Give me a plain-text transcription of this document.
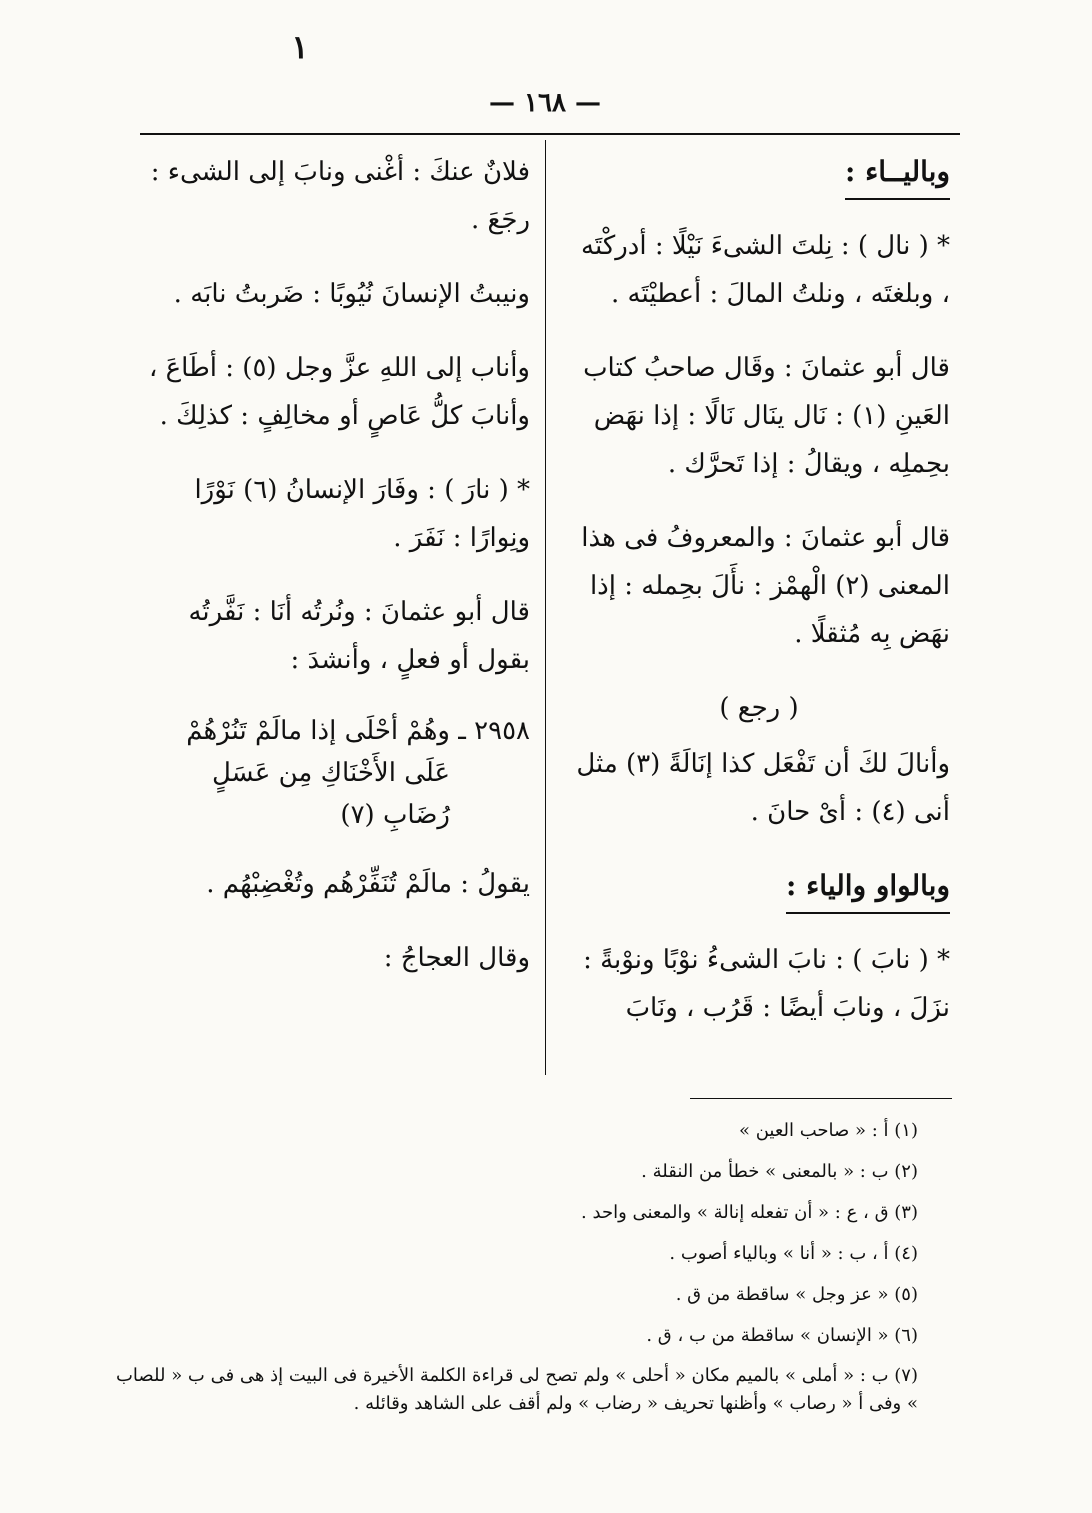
١
— ١٦٨ —
وباليــاء :

* ( نال ) : نِلتَ الشىءَ نَيْلًا : أدركْتَه ، وبلغتَه ، ونلتُ المالَ : أعطيْتَه .

قال أبو عثمانَ : وقَال صاحبُ كتاب العَينِ (١) : نَال ينَال نَالًا : إذا نهَض بحِملِه ، ويقالُ : إذا تَحرَّك .

قال أبو عثمانَ : والمعروفُ فى هذا المعنى (٢) الْهمْز : نأَلَ بحِمله : إذا نهَض بِه مُثقلًا .

( رجع )

وأنالَ لكَ أن تَفْعَل كذا إنَالَةً (٣) مثل أنى (٤) : أىْ حانَ .

وبالواو والياء :

* ( نابَ ) : نابَ الشىءُ نوْبًا ونوْبةً : نزَلَ ، ونابَ أيضًا : قَرُب ، ونَابَ

فلانٌ عنكَ : أغْنى ونابَ إلى الشىء : رجَعَ .

ونيبتُ الإنسانَ نُيُوبًا : ضَربتُ نابَه .

وأناب إلى اللهِ عزَّ وجل (٥) : أطَاعَ ، وأنابَ كلُّ عَاصٍ أو مخالِفٍ : كذلِكَ .

* ( نارَ ) : وفَارَ الإنسانُ (٦) نَوْرًا ونِوارًا : نَفَرَ .

قال أبو عثمانَ : ونُرتُه أنَا : نَفَّرتُه بقول أو فعلٍ ، وأنشدَ :

٢٩٥٨ ـ وهُمْ أحْلَى إذا مالَمْ تَنُرْهُمْ
عَلَى الأَخْنَاكِ مِن عَسَلٍ رُضَابِ (٧)

يقولُ : مالَمْ تُنَفِّرْهُم وتُغْضِبْهُم .

وقال العجاجُ :

(١) أ : « صاحب العين »
(٢) ب : « بالمعنى » خطأ من النقلة .
(٣) ق ، ع : « أن تفعله إنالة » والمعنى واحد .
(٤) أ ، ب : « أنا » وبالياء أصوب .
(٥) « عز وجل » ساقطة من ق .
(٦) « الإنسان » ساقطة من ب ، ق .
(٧) ب : « أملى » بالميم مكان « أحلى » ولم تصح لى قراءة الكلمة الأخيرة فى البيت إذ هى فى ب « للصاب » وفى أ « رصاب » وأظنها تحريف « رضاب » ولم أقف على الشاهد وقائله .
